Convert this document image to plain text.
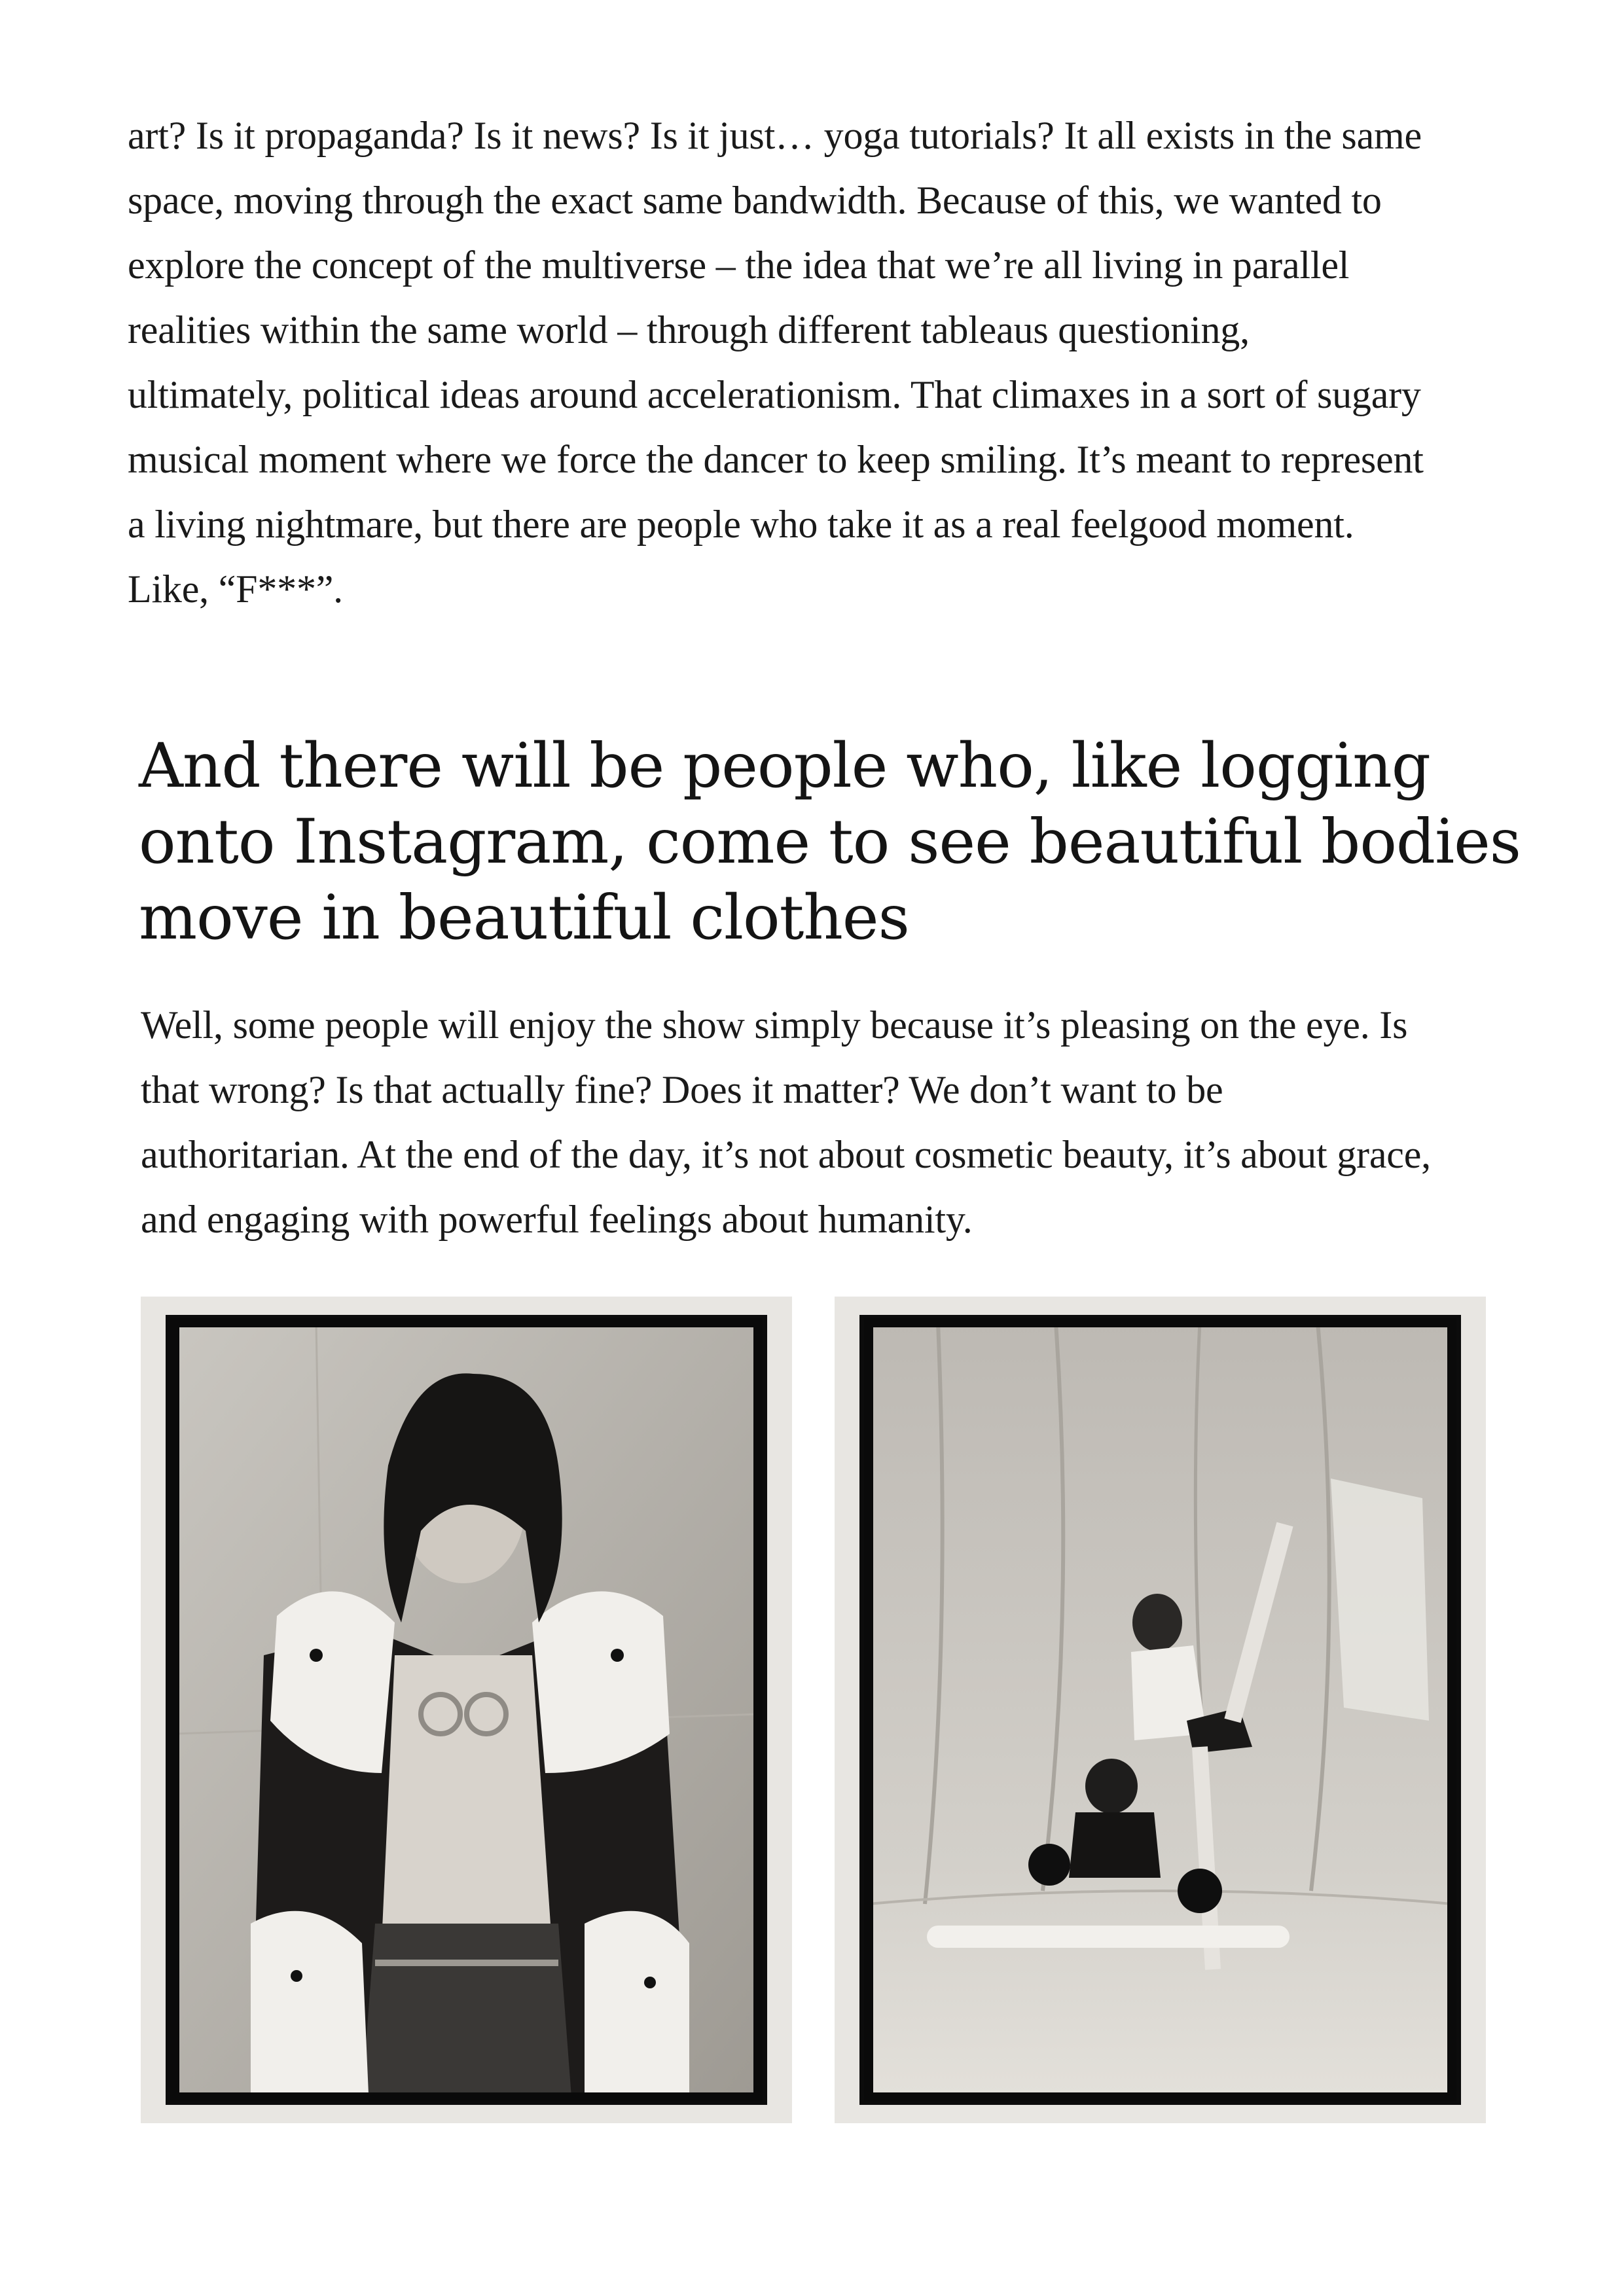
art? Is it propaganda? Is it news? Is it just… yoga tutorials? It all exists in the same
space, moving through the exact same bandwidth. Because of this, we wanted to
explore the concept of the multiverse – the idea that we’re all living in parallel
realities within the same world – through different tableaus questioning,
ultimately, political ideas around accelerationism. That climaxes in a sort of sugary
musical moment where we force the dancer to keep smiling. It’s meant to represent
a living nightmare, but there are people who take it as a real feelgood moment.
Like, “F***”.
And there will be people who, like logging
onto Instagram, come to see beautiful bodies
move in beautiful clothes
Well, some people will enjoy the show simply because it’s pleasing on the eye. Is
that wrong? Is that actually fine? Does it matter? We don’t want to be
authoritarian. At the end of the day, it’s not about cosmetic beauty, it’s about grace,
and engaging with powerful feelings about humanity.
